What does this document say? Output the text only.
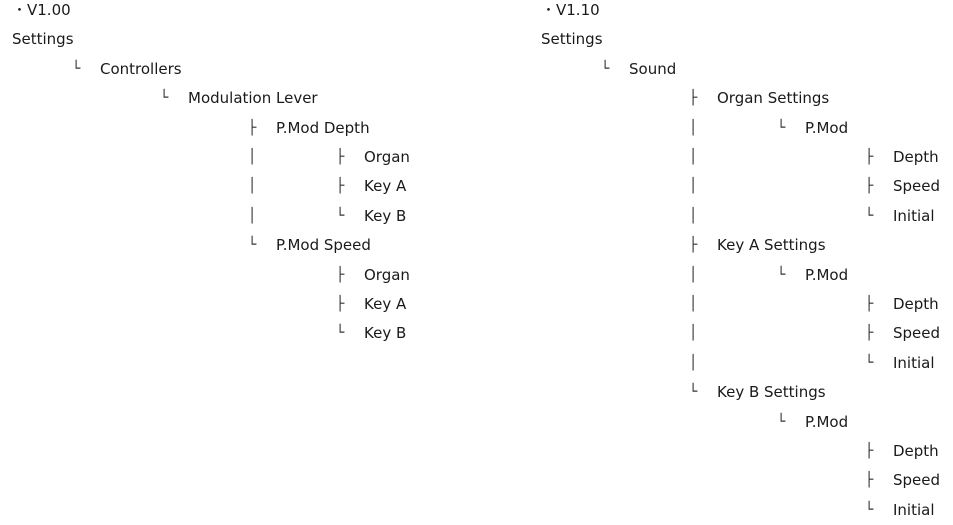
・V1.00
Settings
└ Controllers
└ Modulation Lever
├ P.Mod Depth
│	├ Organ
│	├ Key A
│	└ Key B
└ P.Mod Speed
├ Organ
├ Key A
└ Key B
・V1.10
Settings
└ Sound
├ Organ Settings
│	└ P.Mod
│	├ Depth
│	├ Speed
│	└ Initial
├ Key A Settings
│	└ P.Mod
│	├ Depth
│	├ Speed
│	└ Initial
└ Key B Settings
└ P.Mod
├ Depth
├ Speed
└ Initial
